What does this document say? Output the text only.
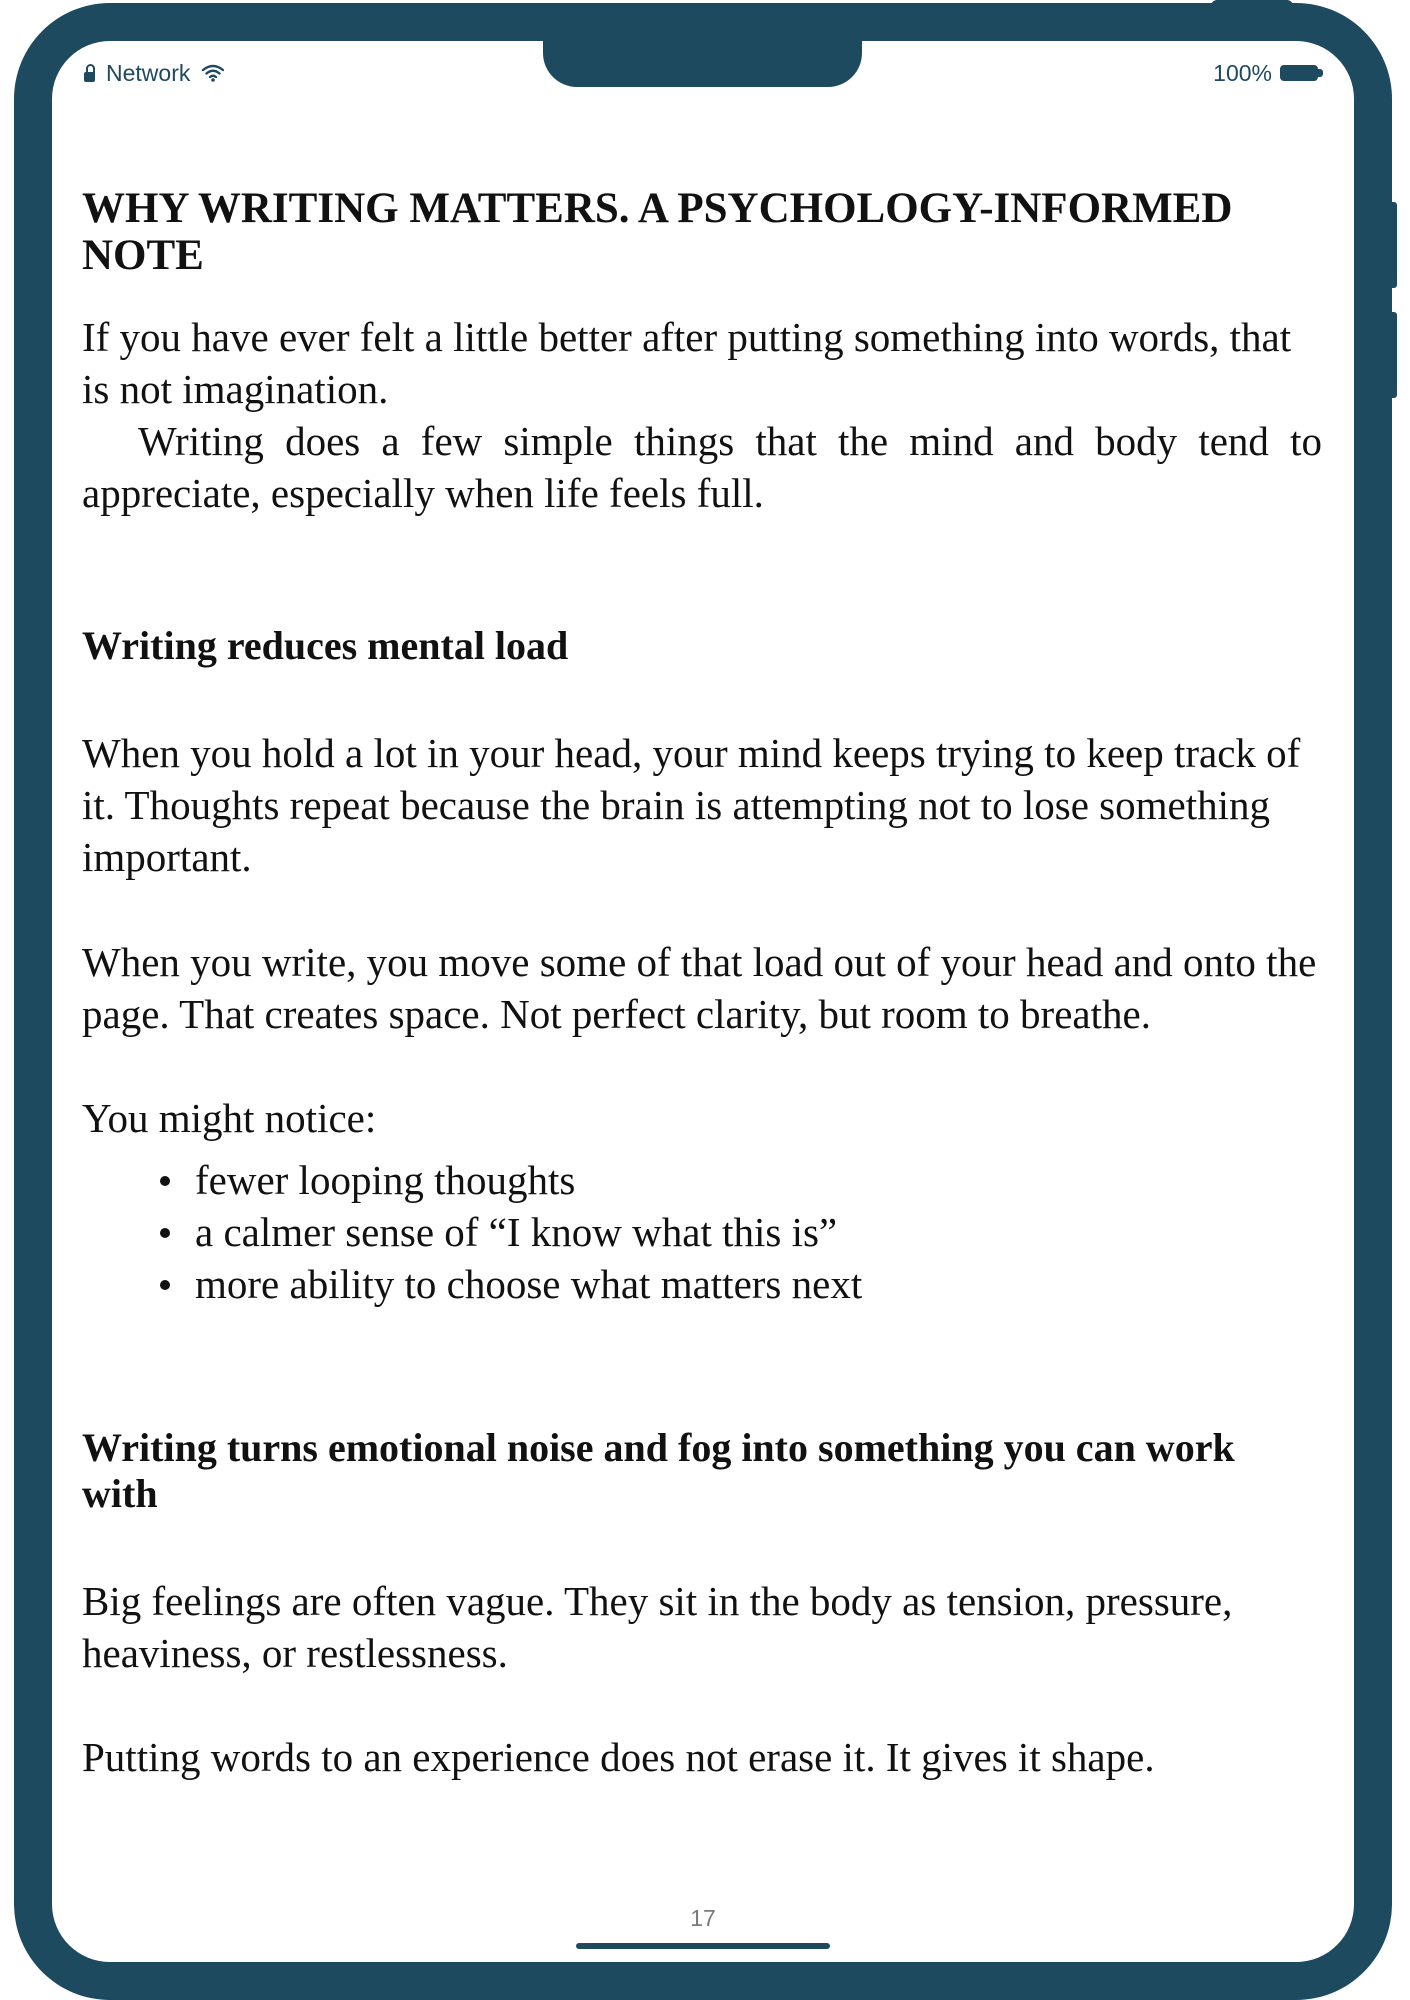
Network	100%
WHY WRITING MATTERS. A PSYCHOLOGY-INFORMED
NOTE

If you have ever felt a little better after putting something into words, that is not imagination.

Writing does a few simple things that the mind and body tend to appreciate, especially when life feels full.

Writing reduces mental load

When you hold a lot in your head, your mind keeps trying to keep track of it. Thoughts repeat because the brain is attempting not to lose something important.

When you write, you move some of that load out of your head and onto the page. That creates space. Not perfect clarity, but room to breathe.

You might notice:

fewer looping thoughts
a calmer sense of “I know what this is”
more ability to choose what matters next
Writing turns emotional noise and fog into something you can work with

Big feelings are often vague. They sit in the body as tension, pressure, heaviness, or restlessness.

Putting words to an experience does not erase it. It gives it shape.

17
